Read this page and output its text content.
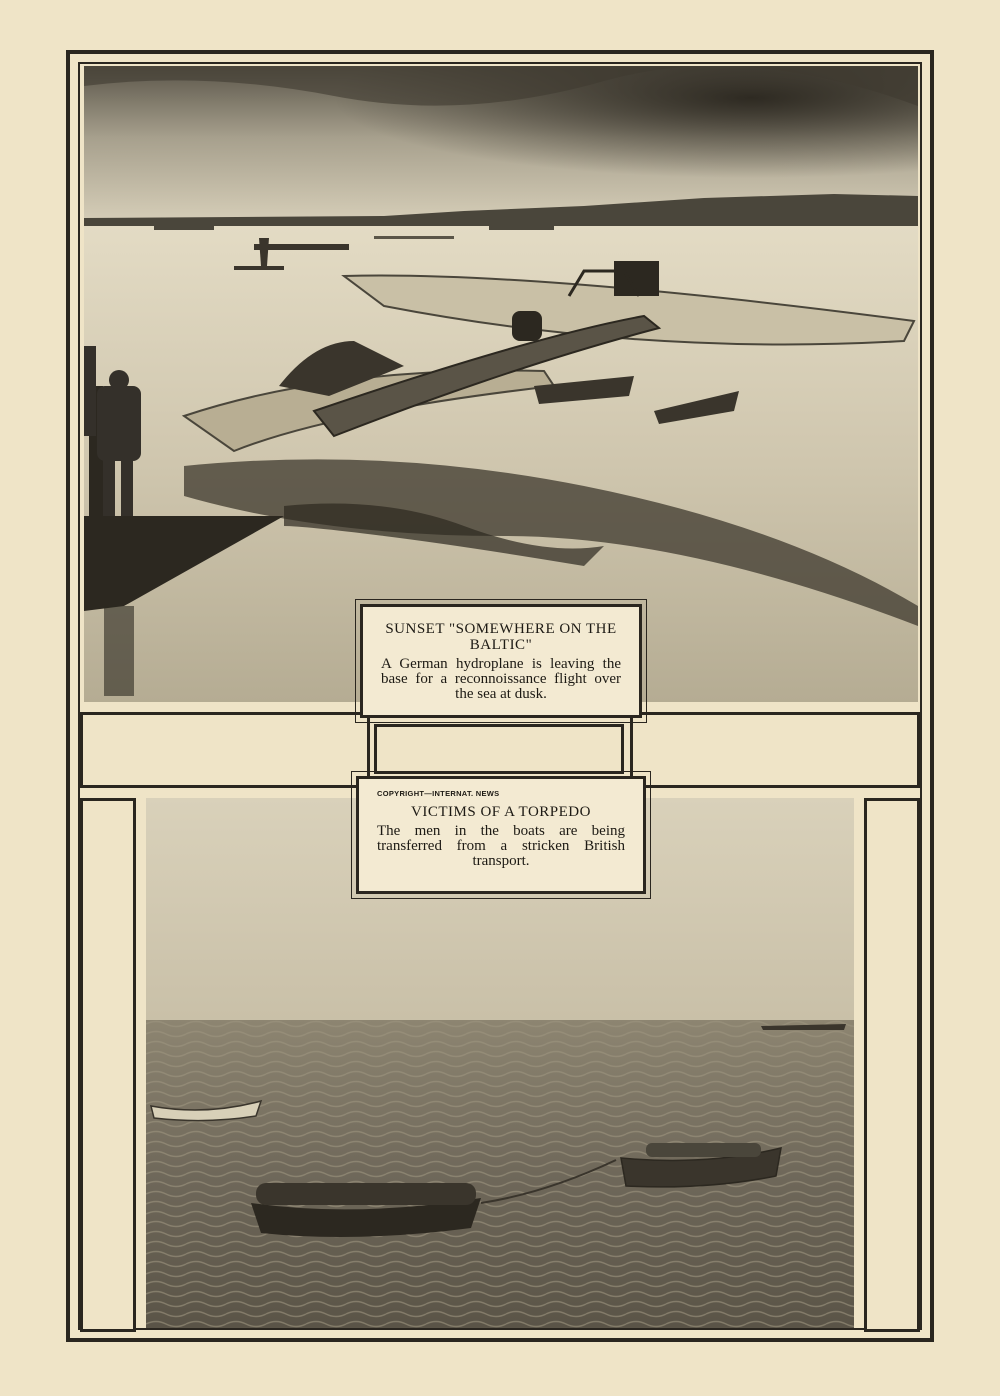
SUNSET "SOMEWHERE ON THE BALTIC"
A German hydroplane is leaving the base for a reconnoissance flight over the sea at dusk.
COPYRIGHT—INTERNAT. NEWS
VICTIMS OF A TORPEDO
The men in the boats are being transferred from a stricken British transport.
